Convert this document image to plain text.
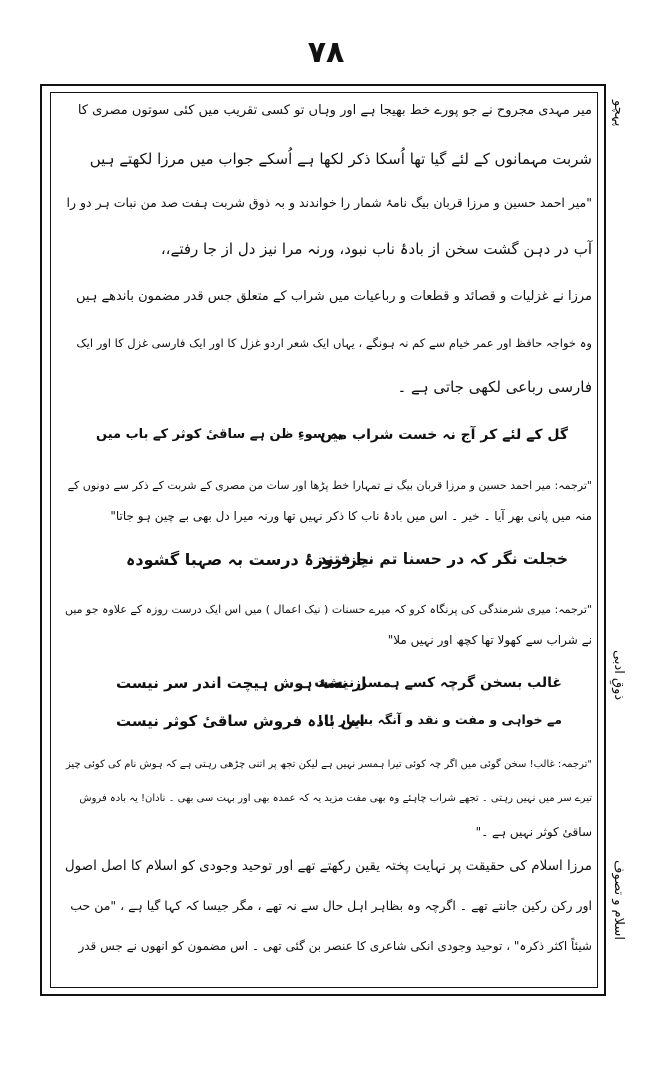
۷۸
پہچو
ذوقِ ادبی
اسلام و تصوف
میر مہدی مجروح نے جو پورے خط بھیجا ہے اور وہاں تو کسی تقریب میں کئی سوتوں مصری کا
شربت مہمانوں کے لئے گیا تھا اُسکا ذکر لکھا ہے اُسکے جواب میں مرزا لکھتے ہیں
"میر احمد حسین و مرزا قربان بیگ نامۂ شمار را خواندند و بہ ذوق شربت ہفت صد من نبات ہر دو را
آب در دہن گشت سخن از بادۂ ناب نبود، ورنہ مرا نیز دل از جا رفتے،،
مرزا نے غزلیات و قصائد و قطعات و رباعیات میں شراب کے متعلق جس قدر مضمون باندھے ہیں
وہ خواجہ حافظ اور عمر خیام سے کم نہ ہونگے ، یہاں ایک شعر اردو غزل کا اور ایک فارسی غزل کا اور ایک
فارسی رباعی لکھی جاتی ہے ۔
گل کے لئے کر آج نہ خست شراب میں
یہ سوءِ ظن ہے ساقیٔ کوثر کے باب میں
"ترجمہ: میر احمد حسین و مرزا قربان بیگ نے تمہارا خط پڑھا اور سات من مصری کے شربت کے ذکر سے دونوں کے
منہ میں پانی بھر آیا ۔ خیر ۔ اس میں بادۂ ناب کا ذکر نہیں تھا ورنہ میرا دل بھی بے چین ہو جاتا"
خجلت نگر کہ در حسنا تم نیا فتند
جز روزۂ درست بہ صہبا گشودہ
"ترجمہ: میری شرمندگی کی پرنگاہ کرو کہ میرے حسنات ( نیک اعمال ) میں اس ایک درست روزہ کے علاوہ جو میں
نے شراب سے کھولا تھا کچھ اور نہیں ملا"
غالب بسخن گرچہ کسے ہمسر نیست
از نشۂ ہوش ہیچت اندر سر نیست
مے خواہی و مفت و نقد و آنگہ بسیار !!!
ایں بادہ فروش ساقیٔ کوثر نیست
"ترجمہ: غالب! سخن گوئی میں اگر چہ کوئی تیرا ہمسر نہیں ہے لیکن تجھ پر اتنی چڑھی رہتی ہے کہ ہوش نام کی کوئی چیز
تیرے سر میں نہیں رہتی ۔ تجھے شراب چاہئے وہ بھی مفت مزید یہ کہ عمدہ بھی اور بہت سی بھی ۔ نادان! یہ بادہ فروش
ساقیٔ کوثر نہیں ہے ۔"
مرزا اسلام کی حقیقت پر نہایت پختہ یقین رکھتے تھے اور توحید وجودی کو اسلام کا اصل اصول
اور رکن رکین جانتے تھے ۔ اگرچہ وہ بظاہر اہل حال سے نہ تھے ، مگر جیسا کہ کہا گیا ہے ، "من حب
شیئاً اکثر ذکرہ" ، توحید وجودی انکی شاعری کا عنصر بن گئی تھی ۔ اس مضمون کو انھوں نے جس قدر
